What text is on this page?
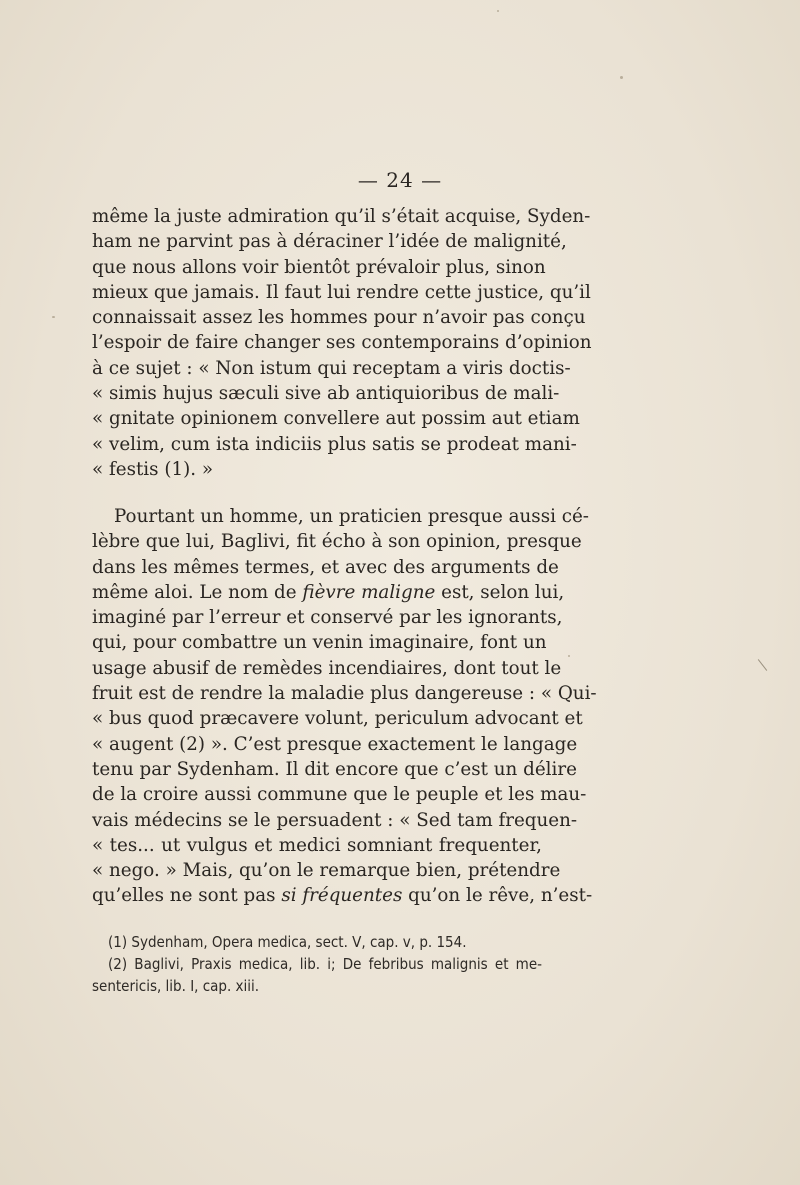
— 24 —
même la juste admiration qu’il s’était acquise, Syden-
ham ne parvint pas à déraciner l’idée de malignité,
que nous allons voir bientôt prévaloir plus, sinon
mieux que jamais. Il faut lui rendre cette justice, qu’il
connaissait assez les hommes pour n’avoir pas conçu
l’espoir de faire changer ses contemporains d’opinion
à ce sujet : « Non istum qui receptam a viris doctis-
« simis hujus sæculi sive ab antiquioribus de mali-
« gnitate opinionem convellere aut possim aut etiam
« velim, cum ista indiciis plus satis se prodeat mani-
« festis (1). »
Pourtant un homme, un praticien presque aussi cé-
lèbre que lui, Baglivi, fit écho à son opinion, presque
dans les mêmes termes, et avec des arguments de
même aloi. Le nom de fièvre maligne est, selon lui,
imaginé par l’erreur et conservé par les ignorants,
qui, pour combattre un venin imaginaire, font un
usage abusif de remèdes incendiaires, dont tout le
fruit est de rendre la maladie plus dangereuse : « Qui-
« bus quod præcavere volunt, periculum advocant et
« augent (2) ». C’est presque exactement le langage
tenu par Sydenham. Il dit encore que c’est un délire
de la croire aussi commune que le peuple et les mau-
vais médecins se le persuadent : « Sed tam frequen-
« tes... ut vulgus et medici somniant frequenter,
« nego. » Mais, qu’on le remarque bien, prétendre
qu’elles ne sont pas si fréquentes qu’on le rêve, n’est-
(1) Sydenham, Opera medica, sect. V, cap. v, p. 154.
(2) Baglivi, Praxis medica, lib. i; De febribus malignis et me-
sentericis, lib. I, cap. xiii.
